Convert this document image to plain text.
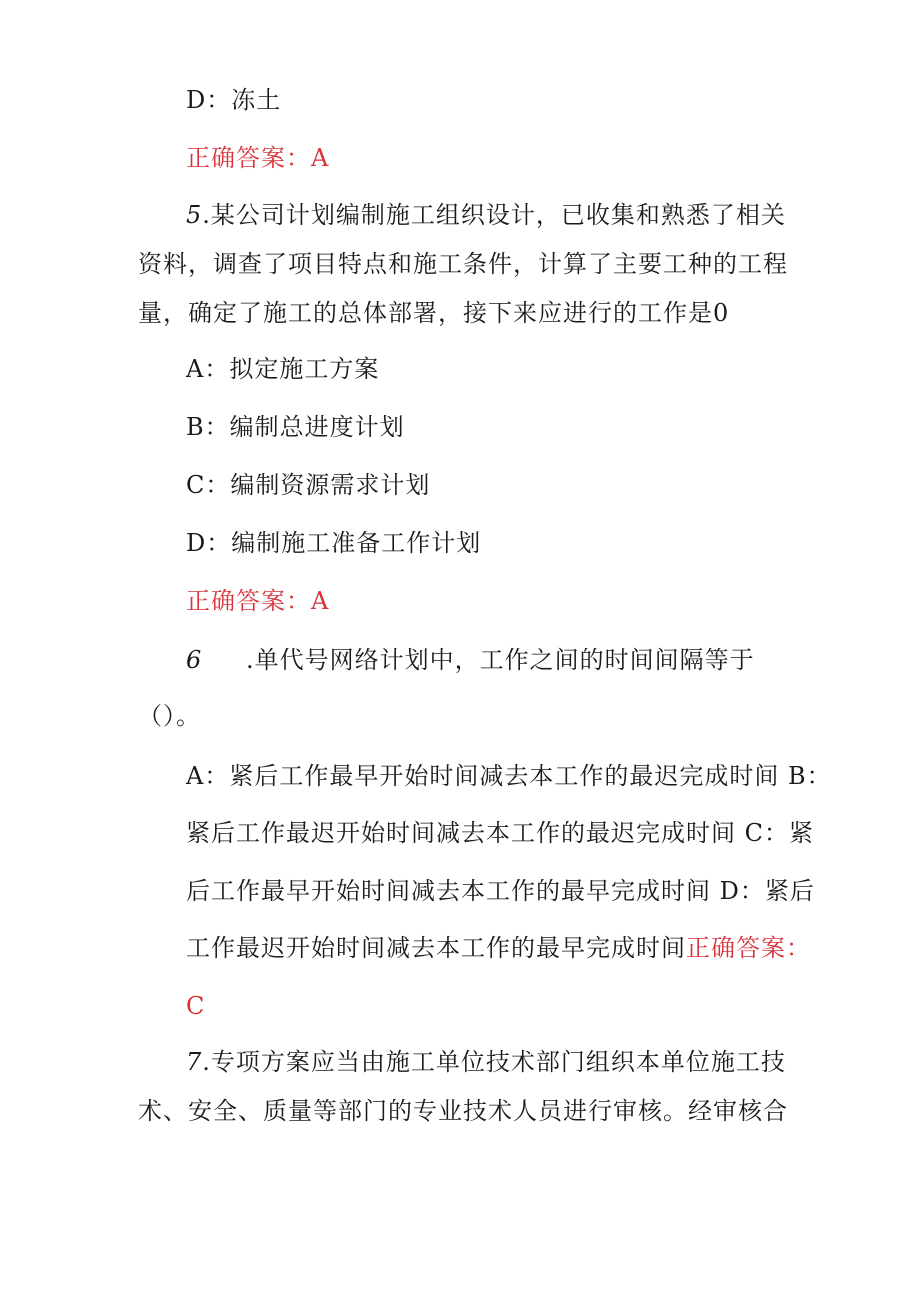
D：冻土
正确答案：A
5.某公司计划编制施工组织设计，已收集和熟悉了相关
资料，调查了项目特点和施工条件，计算了主要工种的工程
量，确定了施工的总体部署，接下来应进行的工作是0
A：拟定施工方案
B：编制总进度计划
C：编制资源需求计划
D：编制施工准备工作计划
正确答案：A
6 .单代号网络计划中，工作之间的时间间隔等于
（）。
A：紧后工作最早开始时间减去本工作的最迟完成时间 B：
紧后工作最迟开始时间减去本工作的最迟完成时间 C：紧
后工作最早开始时间减去本工作的最早完成时间 D：紧后
工作最迟开始时间减去本工作的最早完成时间正确答案：
C
7.专项方案应当由施工单位技术部门组织本单位施工技
术、安全、质量等部门的专业技术人员进行审核。经审核合
